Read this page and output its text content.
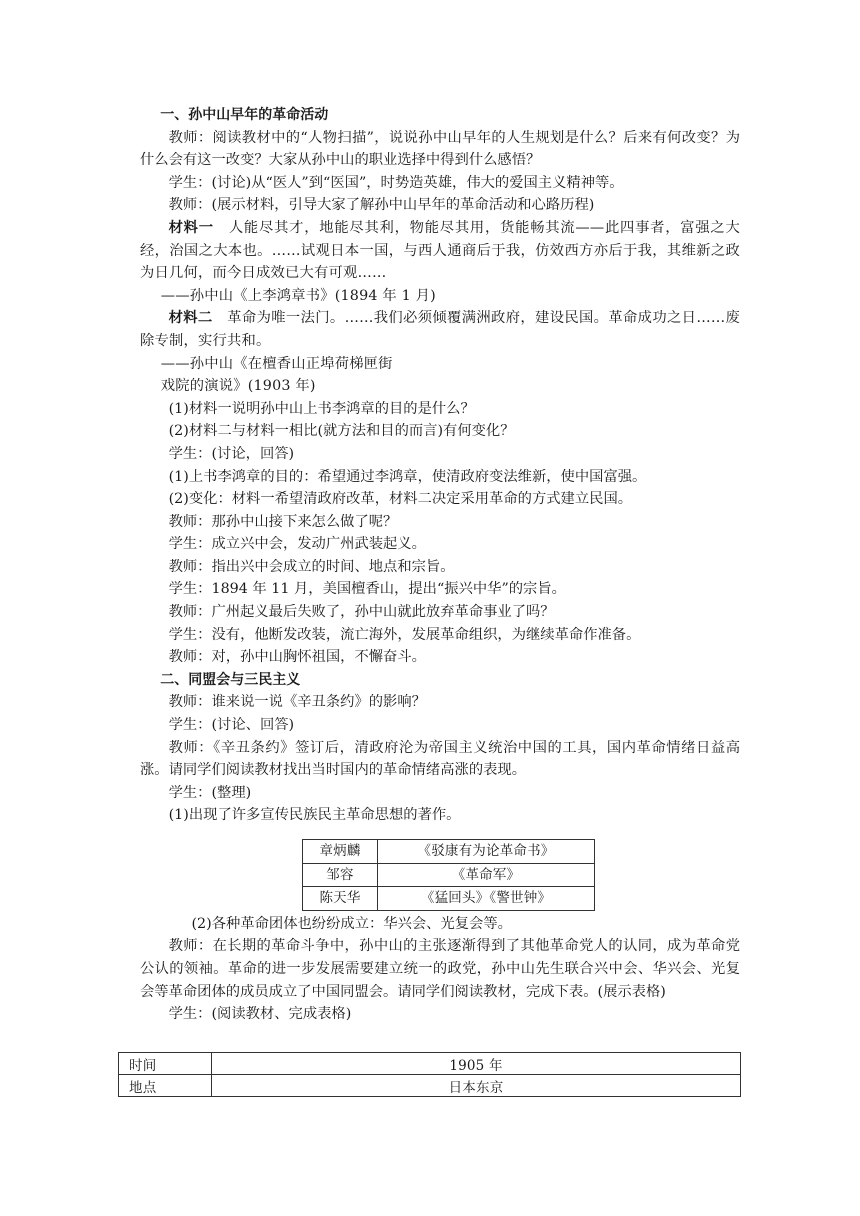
一、孙中山早年的革命活动

教师：阅读教材中的“人物扫描”，说说孙中山早年的人生规划是什么？后来有何改变？为什么会有这一改变？大家从孙中山的职业选择中得到什么感悟？

学生：(讨论)从“医人”到“医国”，时势造英雄，伟大的爱国主义精神等。

教师：(展示材料，引导大家了解孙中山早年的革命活动和心路历程)

材料一　人能尽其才，地能尽其利，物能尽其用，货能畅其流——此四事者，富强之大经，治国之大本也。……试观日本一国，与西人通商后于我，仿效西方亦后于我，其维新之政为日几何，而今日成效已大有可观……

——孙中山《上李鸿章书》(1894 年 1 月)

材料二　革命为唯一法门。……我们必须倾覆满洲政府，建设民国。革命成功之日……废除专制，实行共和。

——孙中山《在檀香山正埠荷梯匣街

戏院的演说》(1903 年)

(1)材料一说明孙中山上书李鸿章的目的是什么？

(2)材料二与材料一相比(就方法和目的而言)有何变化？

学生：(讨论，回答)

(1)上书李鸿章的目的：希望通过李鸿章，使清政府变法维新，使中国富强。

(2)变化：材料一希望清政府改革，材料二决定采用革命的方式建立民国。

教师：那孙中山接下来怎么做了呢？

学生：成立兴中会，发动广州武装起义。

教师：指出兴中会成立的时间、地点和宗旨。

学生：1894 年 11 月，美国檀香山，提出“振兴中华”的宗旨。

教师：广州起义最后失败了，孙中山就此放弃革命事业了吗？

学生：没有，他断发改装，流亡海外，发展革命组织，为继续革命作准备。

教师：对，孙中山胸怀祖国，不懈奋斗。

二、同盟会与三民主义

教师：谁来说一说《辛丑条约》的影响？

学生：(讨论、回答)

教师：《辛丑条约》签订后，清政府沦为帝国主义统治中国的工具，国内革命情绪日益高涨。请同学们阅读教材找出当时国内的革命情绪高涨的表现。

学生：(整理)

(1)出现了许多宣传民族民主革命思想的著作。

章炳麟	《驳康有为论革命书》
邹容	《革命军》
陈天华	《猛回头》《警世钟》

(2)各种革命团体也纷纷成立：华兴会、光复会等。

教师：在长期的革命斗争中，孙中山的主张逐渐得到了其他革命党人的认同，成为革命党公认的领袖。革命的进一步发展需要建立统一的政党，孙中山先生联合兴中会、华兴会、光复会等革命团体的成员成立了中国同盟会。请同学们阅读教材，完成下表。(展示表格)

学生：(阅读教材、完成表格)

时间	1905 年
地点	日本东京
